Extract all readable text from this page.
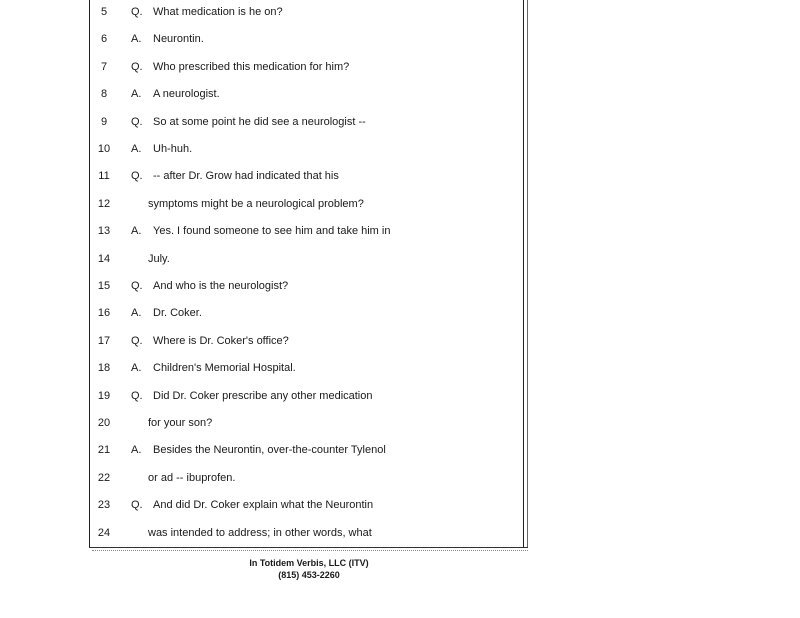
5	Q. What medication is he on?
6	A. Neurontin.
7	Q. Who prescribed this medication for him?
8	A. A neurologist.
9	Q. So at some point he did see a neurologist --
10	A. Uh-huh.
11	Q. -- after Dr. Grow had indicated that his
12	symptoms might be a neurological problem?
13	A. Yes. I found someone to see him and take him in
14	July.
15	Q. And who is the neurologist?
16	A. Dr. Coker.
17	Q. Where is Dr. Coker's office?
18	A. Children's Memorial Hospital.
19	Q. Did Dr. Coker prescribe any other medication
20	for your son?
21	A. Besides the Neurontin, over-the-counter Tylenol
22	or ad -- ibuprofen.
23	Q. And did Dr. Coker explain what the Neurontin
24	was intended to address; in other words, what
In Totidem Verbis, LLC (ITV)
(815) 453-2260
